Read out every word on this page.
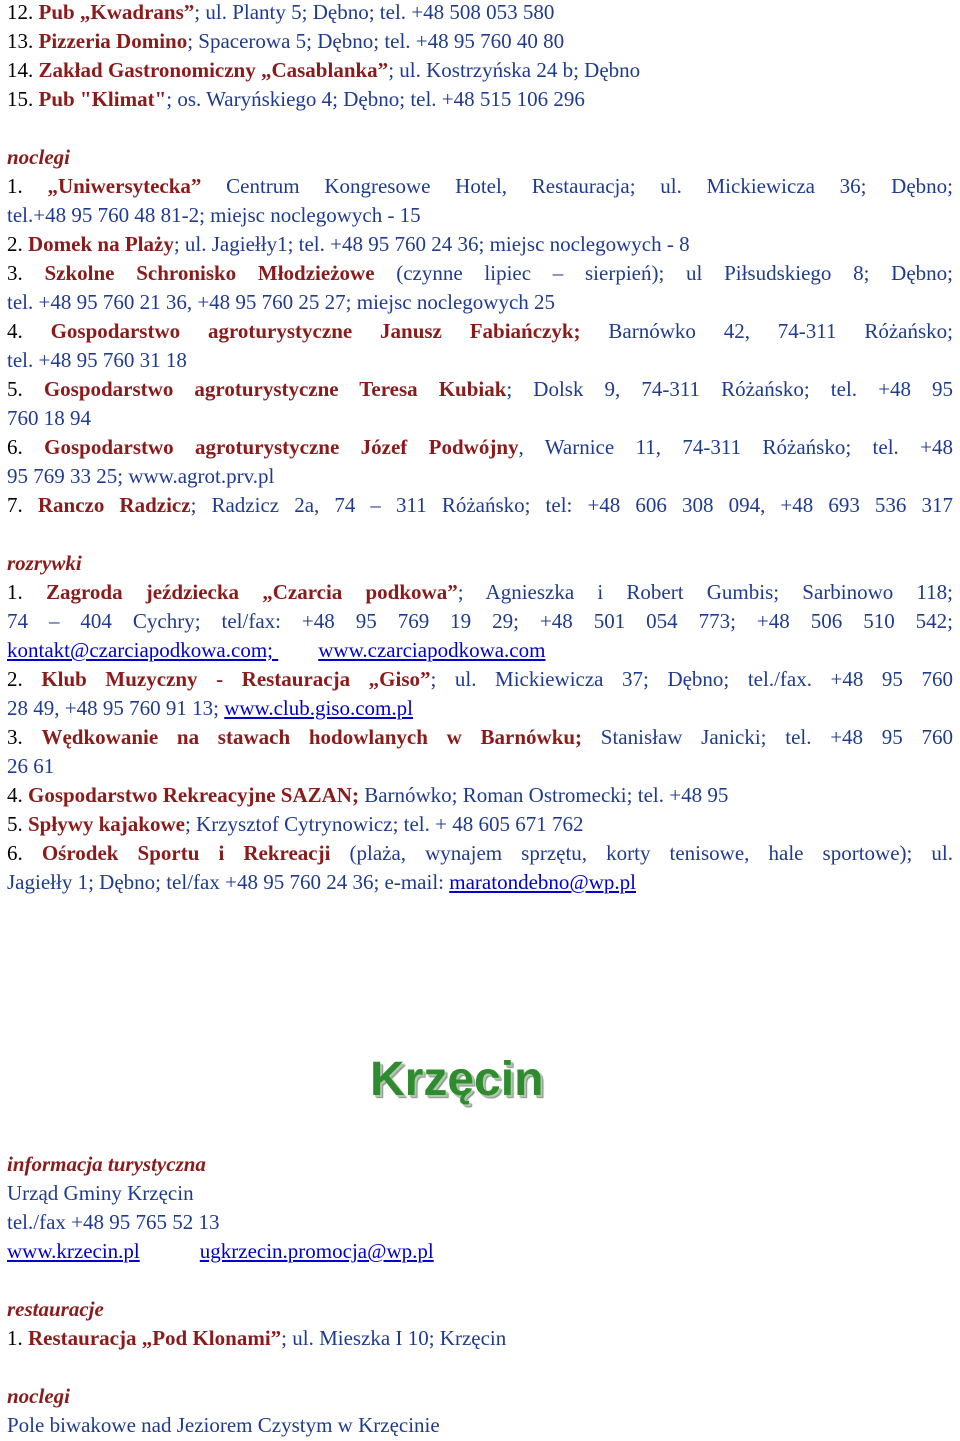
12. Pub „Kwadrans”; ul. Planty 5; Dębno; tel. +48 508 053 580
13. Pizzeria Domino; Spacerowa 5; Dębno; tel. +48 95 760 40 80
14. Zakład Gastronomiczny „Casablanka”; ul. Kostrzyńska 24 b; Dębno
15. Pub "Klimat"; os. Waryńskiego 4; Dębno; tel. +48 515 106 296
noclegi
1. „Uniwersytecka” Centrum Kongresowe Hotel, Restauracja; ul. Mickiewicza 36; Dębno;
tel.+48 95 760 48 81-2; miejsc noclegowych - 15
2. Domek na Plaży; ul. Jagiełły1; tel. +48 95 760 24 36; miejsc noclegowych - 8
3. Szkolne Schronisko Młodzieżowe (czynne lipiec – sierpień); ul Piłsudskiego 8; Dębno;
tel. +48 95 760 21 36, +48 95 760 25 27; miejsc noclegowych 25
4. Gospodarstwo agroturystyczne Janusz Fabiańczyk; Barnówko 42, 74-311 Różańsko;
tel. +48 95 760 31 18
5. Gospodarstwo agroturystyczne Teresa Kubiak; Dolsk 9, 74-311 Różańsko; tel. +48 95
760 18 94
6. Gospodarstwo agroturystyczne Józef Podwójny, Warnice 11, 74-311 Różańsko; tel. +48
95 769 33 25; www.agrot.prv.pl
7. Ranczo Radzicz; Radzicz 2a, 74 – 311 Różańsko; tel: +48 606 308 094, +48 693 536 317
rozrywki
1. Zagroda jeździecka „Czarcia podkowa”; Agnieszka i Robert Gumbis; Sarbinowo 118;
74 – 404 Cychry; tel/fax: +48 95 769 19 29; +48 501 054 773; +48 506 510 542;
kontakt@czarciapodkowa.com; www.czarciapodkowa.com
2. Klub Muzyczny - Restauracja „Giso”; ul. Mickiewicza 37; Dębno; tel./fax. +48 95 760
28 49, +48 95 760 91 13; www.club.giso.com.pl
3. Wędkowanie na stawach hodowlanych w Barnówku; Stanisław Janicki; tel. +48 95 760
26 61
4. Gospodarstwo Rekreacyjne SAZAN; Barnówko; Roman Ostromecki; tel. +48 95
5. Spływy kajakowe; Krzysztof Cytrynowicz; tel. + 48 605 671 762
6. Ośrodek Sportu i Rekreacji (plaża, wynajem sprzętu, korty tenisowe, hale sportowe); ul.
Jagiełły 1; Dębno; tel/fax +48 95 760 24 36; e-mail: maratondebno@wp.pl
Krzęcin
informacja turystyczna
Urząd Gminy Krzęcin
tel./fax +48 95 765 52 13
www.krzecin.pl	ugkrzecin.promocja@wp.pl
restauracje
1. Restauracja „Pod Klonami”; ul. Mieszka I 10; Krzęcin
noclegi
Pole biwakowe nad Jeziorem Czystym w Krzęcinie
